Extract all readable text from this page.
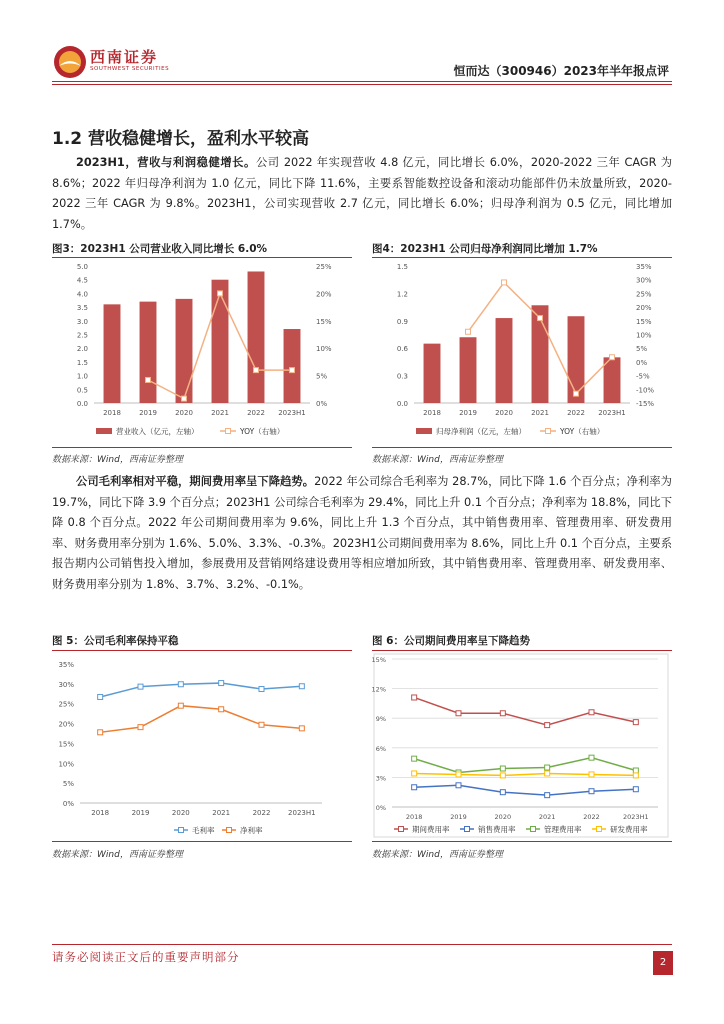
西南证券
SOUTHWEST SECURITIES	恒而达（300946）2023年半年报点评
1.2 营收稳健增长，盈利水平较高
2023H1，营收与利润稳健增长。公司 2022 年实现营收 4.8 亿元，同比增长 6.0%，2020-2022 三年 CAGR 为 8.6%；2022 年归母净利润为 1.0 亿元，同比下降 11.6%，主要系智能数控设备和滚动功能部件仍未放量所致，2020-2022 三年 CAGR 为 9.8%。2023H1，公司实现营收 2.7 亿元，同比增长 6.0%；归母净利润为 0.5 亿元，同比增加 1.7%。
图3：2023H1 公司营业收入同比增长 6.0%
0.0
0.5
1.0
1.5
2.0
2.5
3.0
3.5
4.0
4.5
5.0
0%
5%
10%
15%
20%
25%
2018	2019	2020	2021	2022 2023H1
营业收入（亿元，左轴）	YOY（右轴）
数据来源：Wind，西南证券整理
图4：2023H1 公司归母净利润同比增加 1.7%
0.0
0.3
0.6
0.9
1.2
1.5
-15%
-10%
-5%
0%
5%
10%
15%
20%
25%
30%
35%
2018	2019	2020	2021	2022 2023H1
归母净利润（亿元，左轴）	YOY（右轴）
数据来源：Wind，西南证券整理
公司毛利率相对平稳，期间费用率呈下降趋势。2022 年公司综合毛利率为 28.7%，同比下降 1.6 个百分点；净利率为 19.7%，同比下降 3.9 个百分点；2023H1 公司综合毛利率为 29.4%，同比上升 0.1 个百分点；净利率为 18.8%，同比下降 0.8 个百分点。2022 年公司期间费用率为 9.6%，同比上升 1.3 个百分点，其中销售费用率、管理费用率、研发费用率、财务费用率分别为 1.6%、5.0%、3.3%、-0.3%。2023H1公司期间费用率为 8.6%，同比上升 0.1 个百分点，主要系报告期内公司销售投入增加，参展费用及营销网络建设费用等相应增加所致，其中销售费用率、管理费用率、研发费用率、财务费用率分别为 1.8%、3.7%、3.2%、-0.1%。
图 5：公司毛利率保持平稳
0%
5%
10%
15%
20%
25%
30%
35%
2018	2019	2020	2021	2022	2023H1
毛利率	净利率
数据来源：Wind，西南证券整理
图 6：公司期间费用率呈下降趋势
0%
3%
6%
9%
12%
15%
2018	2019	2020	2021	2022	2023H1
期间费用率	销售费用率	管理费用率	研发费用率
数据来源：Wind，西南证券整理
请务必阅读正文后的重要声明部分	2
